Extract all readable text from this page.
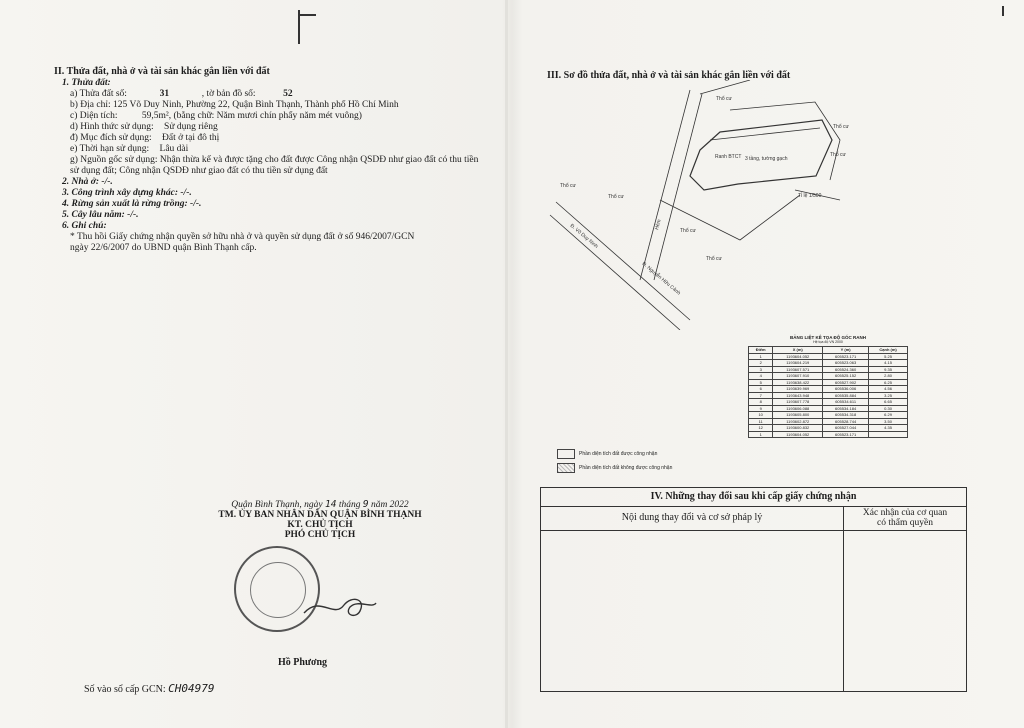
II. Thửa đất, nhà ở và tài sản khác gắn liền với đất
1. Thửa đất:
a) Thửa đất số:	31	, tờ bản đồ số:	52
b) Địa chỉ: 125 Võ Duy Ninh, Phường 22, Quận Bình Thạnh, Thành phố Hồ Chí Minh
c) Diện tích:	59,5m², (bằng chữ: Năm mươi chín phẩy năm mét vuông)
d) Hình thức sử dụng: Sử dụng riêng
đ) Mục đích sử dụng: Đất ở tại đô thị
e) Thời hạn sử dụng: Lâu dài
g) Nguồn gốc sử dụng: Nhận thừa kế và được tặng cho đất được Công nhận QSDĐ như giao đất có thu tiền sử dụng đất; Công nhận QSDĐ như giao đất có thu tiền sử dụng đất
2. Nhà ở: -/-.
3. Công trình xây dựng khác: -/-.
4. Rừng sản xuất là rừng trồng: -/-.
5. Cây lâu năm: -/-.
6. Ghi chú:
* Thu hồi Giấy chứng nhận quyền sở hữu nhà ở và quyền sử dụng đất ở số 946/2007/GCN ngày 22/6/2007 do UBND quận Bình Thạnh cấp.
Quận Bình Thạnh, ngày 14 tháng 9 năm 2022
TM. ỦY BAN NHÂN DÂN QUẬN BÌNH THẠNH
KT. CHỦ TỊCH
PHÓ CHỦ TỊCH
Hồ Phương
Số vào sổ cấp GCN: CH04979
III. Sơ đồ thửa đất, nhà ở và tài sản khác gắn liền với đất
Thổ cư
Thổ cư
Thổ cư
Thổ cư
Thổ cư
Thổ cư
Thổ cư
3 tầng, tường gạch
Ranh BTCT
Tỉ lệ 1/500
Đ. Võ Duy Ninh
Đ. Nguyễn Hữu Cảnh
Hẻm
BẢNG LIỆT KÊ TỌA ĐỘ GÓC RANH
Hệ tọa độ VN 2000
Điểm	X (m)	Y (m)	Cạnh (m)
1	1193604.052	605523.171	5.25
2	1193604.219	605523.063	4.15
3	1193607.571	605524.360	9.35
4	1193607.910	605525.152	2.80
5	1193638.422	605527.902	6.25
6	1193639.969	605536.006	4.56
7	1193643.948	605535.884	3.25
8	1193607.778	605534.611	6.65
9	1193606.088	605534.184	0.30
10	1193605.800	605534.318	6.29
11	1193602.872	605528.744	3.50
12	1193600.832	605527.044	4.35
1	1193604.052	605523.171	
Phần diện tích đất được công nhận
Phần diện tích đất không được công nhận
IV. Những thay đổi sau khi cấp giấy chứng nhận
Nội dung thay đổi và cơ sở pháp lý	Xác nhận của cơ quan
có thẩm quyền
